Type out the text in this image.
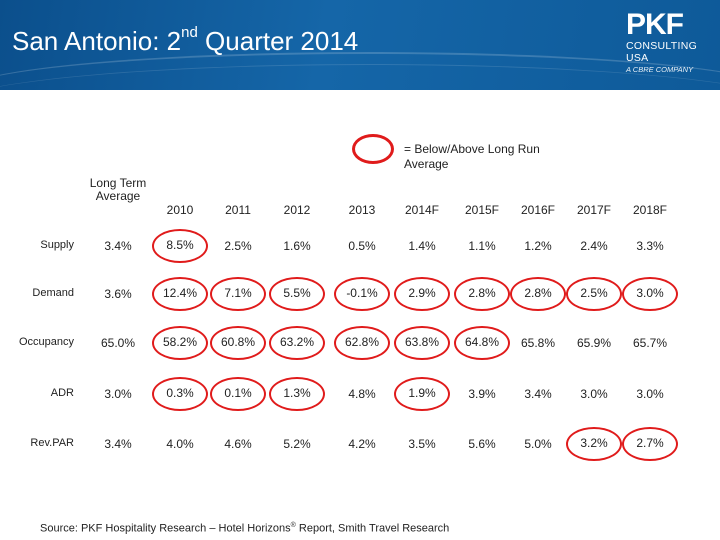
San Antonio: 2nd Quarter 2014	PKF
CONSULTING
USA
A CBRE COMPANY
= Below/Above Long Run Average
Long Term Average
2010	2011	2012	2013	2014F	2015F	2016F	2017F	2018F
Supply	3.4%	8.5%	2.5%	1.6%	0.5%	1.4%	1.1%	1.2%	2.4%	3.3%
Demand	3.6%	12.4%	7.1%	5.5%	-0.1%	2.9%	2.8%	2.8%	2.5%	3.0%
Occupancy	65.0%	58.2%	60.8%	63.2%	62.8%	63.8%	64.8%	65.8%	65.9%	65.7%
ADR	3.0%	0.3%	0.1%	1.3%	4.8%	1.9%	3.9%	3.4%	3.0%	3.0%
Rev.PAR	3.4%	4.0%	4.6%	5.2%	4.2%	3.5%	5.6%	5.0%	3.2%	2.7%
Source: PKF Hospitality Research – Hotel Horizons® Report, Smith Travel Research
